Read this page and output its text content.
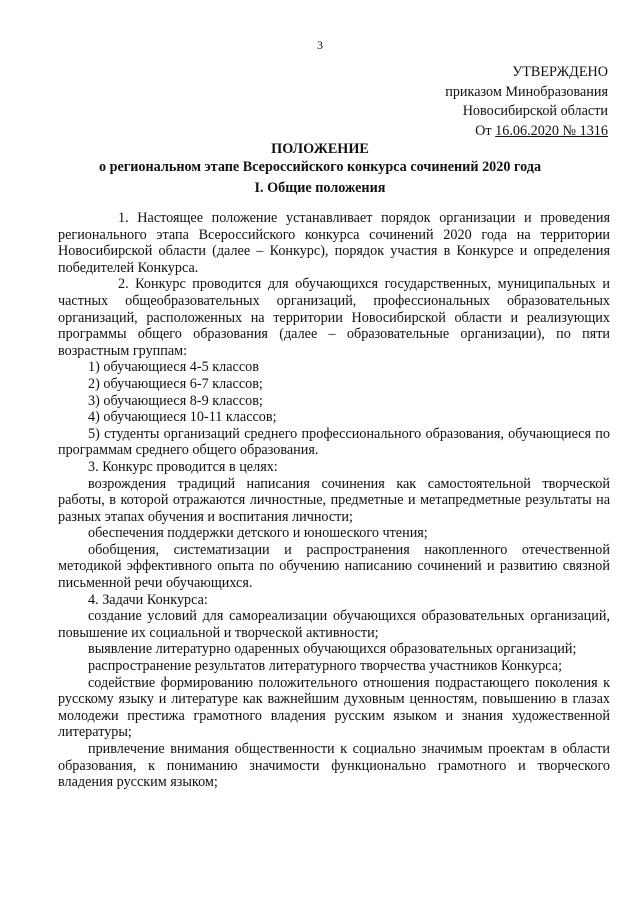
3
УТВЕРЖДЕНО
приказом Минобразования
Новосибирской области
От 16.06.2020 № 1316
ПОЛОЖЕНИЕ
о региональном этапе Всероссийского конкурса сочинений 2020 года
I. Общие положения

1. Настоящее положение устанавливает порядок организации и проведения регионального этапа Всероссийского конкурса сочинений 2020 года на территории Новосибирской области (далее – Конкурс), порядок участия в Конкурсе и определения победителей Конкурса.

2. Конкурс проводится для обучающихся государственных, муниципальных и частных общеобразовательных организаций, профессиональных образовательных организаций, расположенных на территории Новосибирской области и реализующих программы общего образования (далее – образовательные организации), по пяти возрастным группам:

1) обучающиеся 4-5 классов

2) обучающиеся 6-7 классов;

3) обучающиеся 8-9 классов;

4) обучающиеся 10-11 классов;

5) студенты организаций среднего профессионального образования, обучающиеся по программам среднего общего образования.

3. Конкурс проводится в целях:

возрождения традиций написания сочинения как самостоятельной творческой работы, в которой отражаются личностные, предметные и метапредметные результаты на разных этапах обучения и воспитания личности;

обеспечения поддержки детского и юношеского чтения;

обобщения, систематизации и распространения накопленного отечественной методикой эффективного опыта по обучению написанию сочинений и развитию связной письменной речи обучающихся.

4. Задачи Конкурса:

создание условий для самореализации обучающихся образовательных организаций, повышение их социальной и творческой активности;

выявление литературно одаренных обучающихся образовательных организаций;

распространение результатов литературного творчества участников Конкурса;

содействие формированию положительного отношения подрастающего поколения к русскому языку и литературе как важнейшим духовным ценностям, повышению в глазах молодежи престижа грамотного владения русским языком и знания художественной литературы;

привлечение внимания общественности к социально значимым проектам в области образования, к пониманию значимости функционально грамотного и творческого владения русским языком;
